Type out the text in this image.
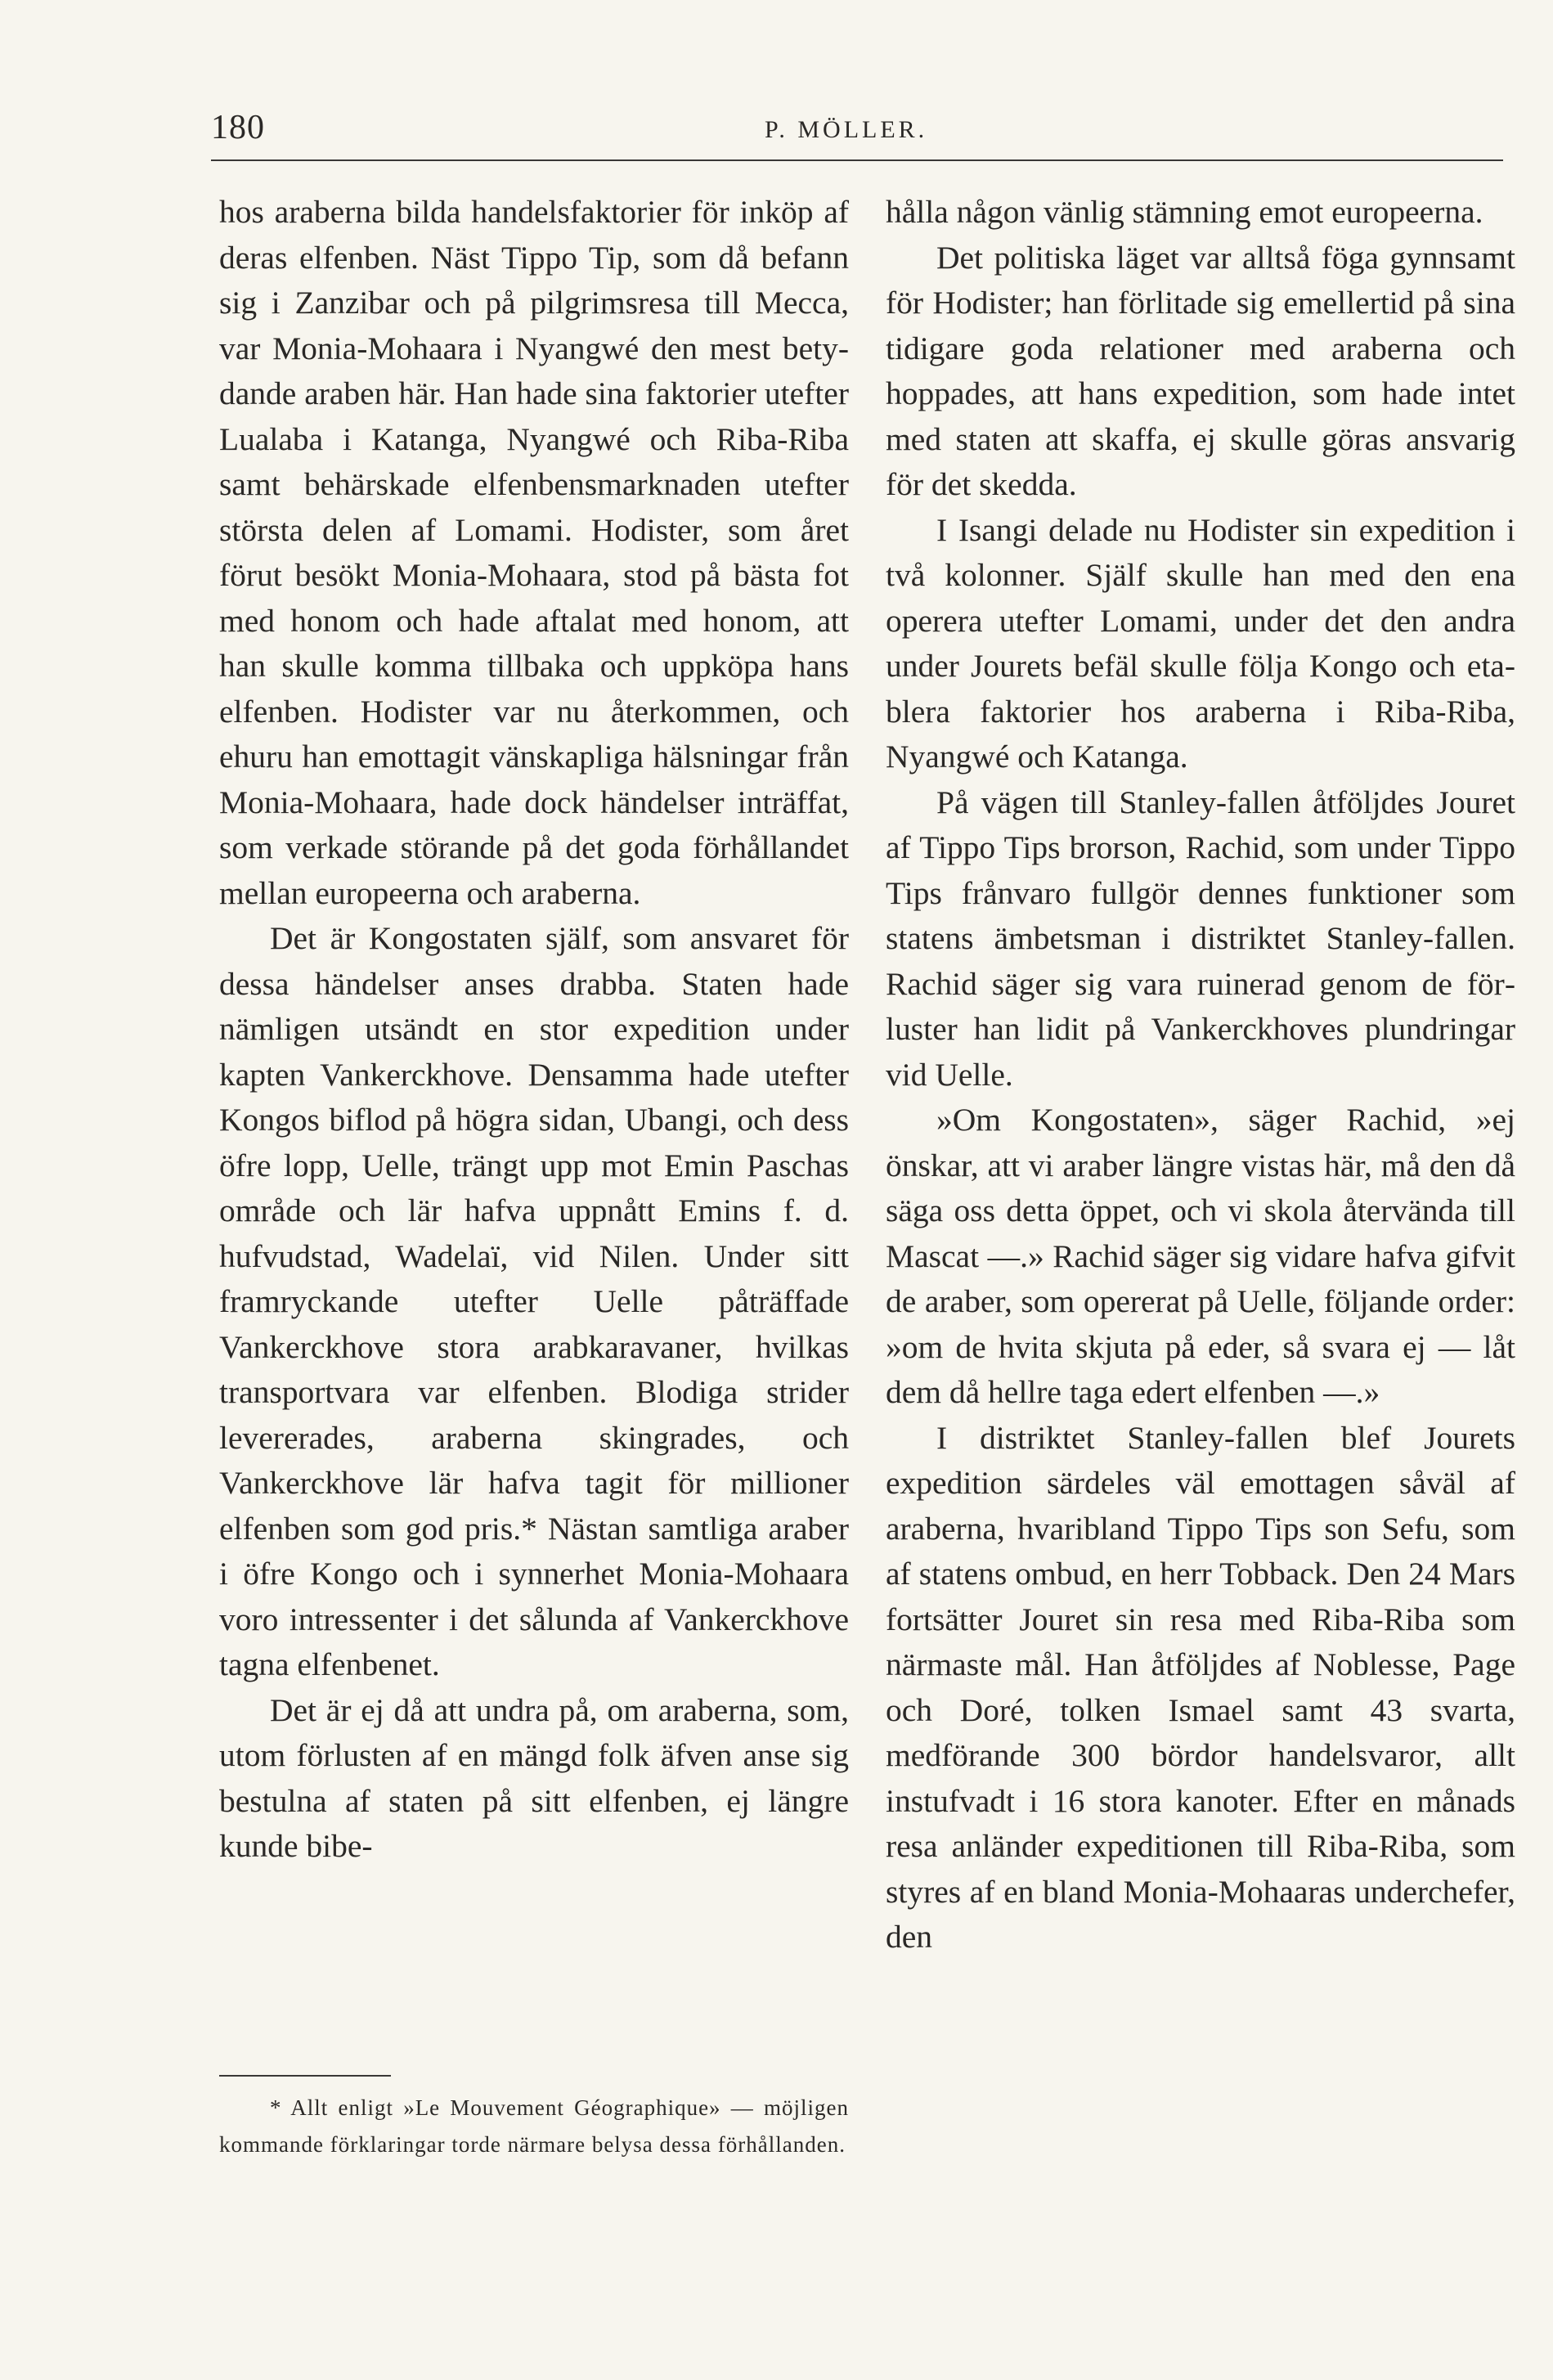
180	P. MÖLLER.

hos araberna bilda handelsfaktorier för inköp af deras elfenben. Näst Tippo Tip, som då befann sig i Zanzibar och på pilgrimsresa till Mecca, var Monia-Mohaara i Nyangwé den mest betydande araben här. Han hade sina faktorier utefter Lualaba i Katanga, Nyangwé och Riba-Riba samt behärskade elfenbensmarknaden utefter största delen af Lomami. Hodister, som året förut besökt Monia-Mohaara, stod på bästa fot med honom och hade aftalat med honom, att han skulle komma tillbaka och uppköpa hans elfenben. Hodister var nu återkommen, och ehuru han emottagit vänskapliga hälsningar från Monia-Mohaara, hade dock händelser inträffat, som verkade störande på det goda förhållandet mellan europeerna och araberna.

Det är Kongostaten själf, som ansvaret för dessa händelser anses drabba. Staten hade nämligen utsändt en stor expedition under kapten Vankerckhove. Densamma hade utefter Kongos biflod på högra sidan, Ubangi, och dess öfre lopp, Uelle, trängt upp mot Emin Paschas område och lär hafva uppnått Emins f. d. hufvudstad, Wadelaï, vid Nilen. Under sitt framryckande utefter Uelle påträffade Vankerckhove stora arabkaravaner, hvilkas transportvara var elfenben. Blodiga strider levererades, araberna skingrades, och Vankerckhove lär hafva tagit för millioner elfenben som god pris.* Nästan samtliga araber i öfre Kongo och i synnerhet Monia-Mohaara voro intressenter i det sålunda af Vankerckhove tagna elfenbenet.

Det är ej då att undra på, om araberna, som, utom förlusten af en mängd folk äfven anse sig bestulna af staten på sitt elfenben, ej längre kunde bibe-

hålla någon vänlig stämning emot europeerna.

Det politiska läget var alltså föga gynnsamt för Hodister; han förlitade sig emellertid på sina tidigare goda relationer med araberna och hoppades, att hans expedition, som hade intet med staten att skaffa, ej skulle göras ansvarig för det skedda.

I Isangi delade nu Hodister sin expedition i två kolonner. Själf skulle han med den ena operera utefter Lomami, under det den andra under Jourets befäl skulle följa Kongo och etablera faktorier hos araberna i Riba-Riba, Nyangwé och Katanga.

På vägen till Stanley-fallen åtföljdes Jouret af Tippo Tips brorson, Rachid, som under Tippo Tips frånvaro fullgör dennes funktioner som statens ämbetsman i distriktet Stanley-fallen. Rachid säger sig vara ruinerad genom de förluster han lidit på Vankerckhoves plundringar vid Uelle.

»Om Kongostaten», säger Rachid, »ej önskar, att vi araber längre vistas här, må den då säga oss detta öppet, och vi skola återvända till Mascat —.» Rachid säger sig vidare hafva gifvit de araber, som opererat på Uelle, följande order: »om de hvita skjuta på eder, så svara ej — låt dem då hellre taga edert elfenben —.»

I distriktet Stanley-fallen blef Jourets expedition särdeles väl emottagen såväl af araberna, hvaribland Tippo Tips son Sefu, som af statens ombud, en herr Tobback. Den 24 Mars fortsätter Jouret sin resa med Riba-Riba som närmaste mål. Han åtföljdes af Noblesse, Page och Doré, tolken Ismael samt 43 svarta, medförande 300 bördor handelsvaror, allt instufvadt i 16 stora kanoter. Efter en månads resa anländer expeditionen till Riba-Riba, som styres af en bland Monia-Mohaaras underchefer, den

* Allt enligt »Le Mouvement Géographique» — möjligen kommande förklaringar torde närmare belysa dessa förhållanden.
